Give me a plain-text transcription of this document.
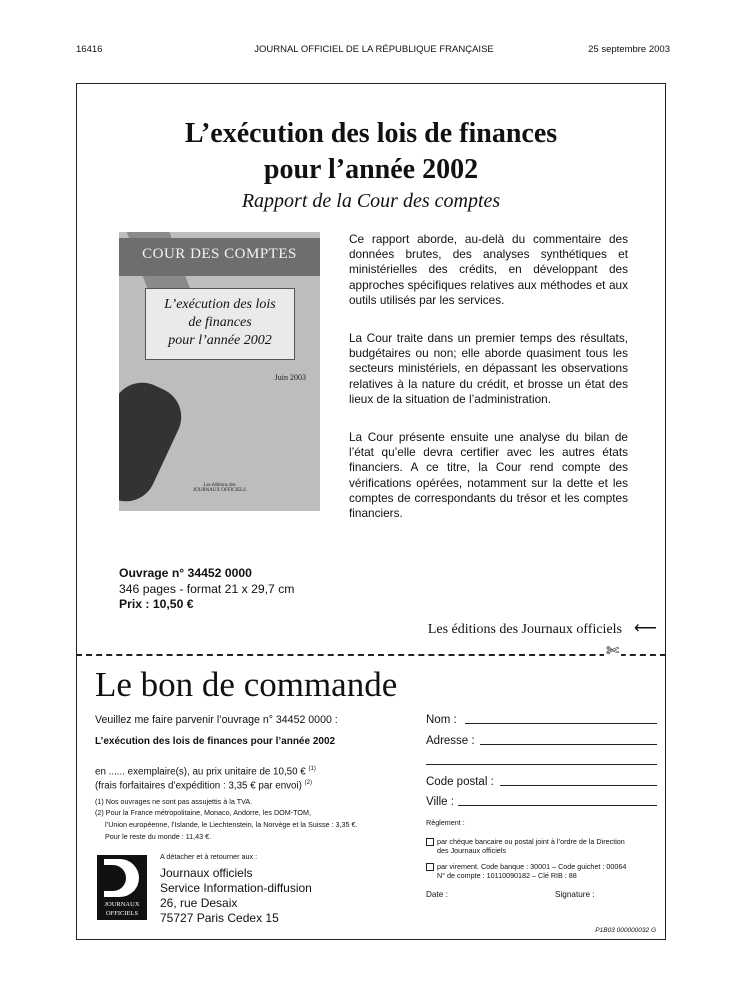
16416	JOURNAL OFFICIEL DE LA RÉPUBLIQUE FRANÇAISE	25 septembre 2003
L’exécution des lois de finances
pour l’année 2002
Rapport de la Cour des comptes
COUR DES COMPTES
L’exécution des lois
de finances
pour l’année 2002
Juin 2003
Les éditions des
JOURNAUX OFFICIELS
Ce rapport aborde, au-delà du commentaire des données brutes, des analyses synthétiques et ministérielles des crédits, en développant des approches spécifiques relatives aux méthodes et aux outils utilisés par les services.
La Cour traite dans un premier temps des résultats, budgétaires ou non; elle aborde quasiment tous les secteurs ministériels, en dépassant les observations relatives à la nature du crédit, et brosse un état des lieux de la situation de l’administration.
La Cour présente ensuite une analyse du bilan de l’état qu’elle devra certifier avec les autres états financiers. A ce titre, la Cour rend compte des vérifications opérées, notamment sur la dette et les comptes de correspondants du trésor et les comptes financiers.
Ouvrage n° 34452 0000
346 pages - format 21 x 29,7 cm
Prix : 10,50 €
Les éditions des Journaux officiels ⟵
✄
Le bon de commande
Veuillez me faire parvenir l’ouvrage n° 34452 0000 :
L’exécution des lois de finances pour l’année 2002
en ...... exemplaire(s), au prix unitaire de 10,50 € $^{(1)}$
(frais forfaitaires d’expédition : 3,35 € par envoi) $^{(2)}$
(1) Nos ouvrages ne sont pas assujettis à la TVA.
(2) Pour la France métropolitaine, Monaco, Andorre, les DOM-TOM,
l’Union européenne, l’Islande, le Liechtenstein, la Norvège et la Suisse : 3,35 €.
Pour le reste du monde : 11,43 €.
A détacher et à retourner aux :
JOURNAUX
OFFICIELS
Journaux officiels
Service Information-diffusion
26, rue Desaix
75727 Paris Cedex 15
Nom :
Adresse :
Code postal :
Ville :
Règlement :
par chèque bancaire ou postal joint à l’ordre de la Direction
des Journaux officiels
par virement. Code banque : 30001 – Code guichet : 00064
N° de compte : 10110090182 – Clé RIB : 88
Date :	Signature :
P1B03 000000032 G
